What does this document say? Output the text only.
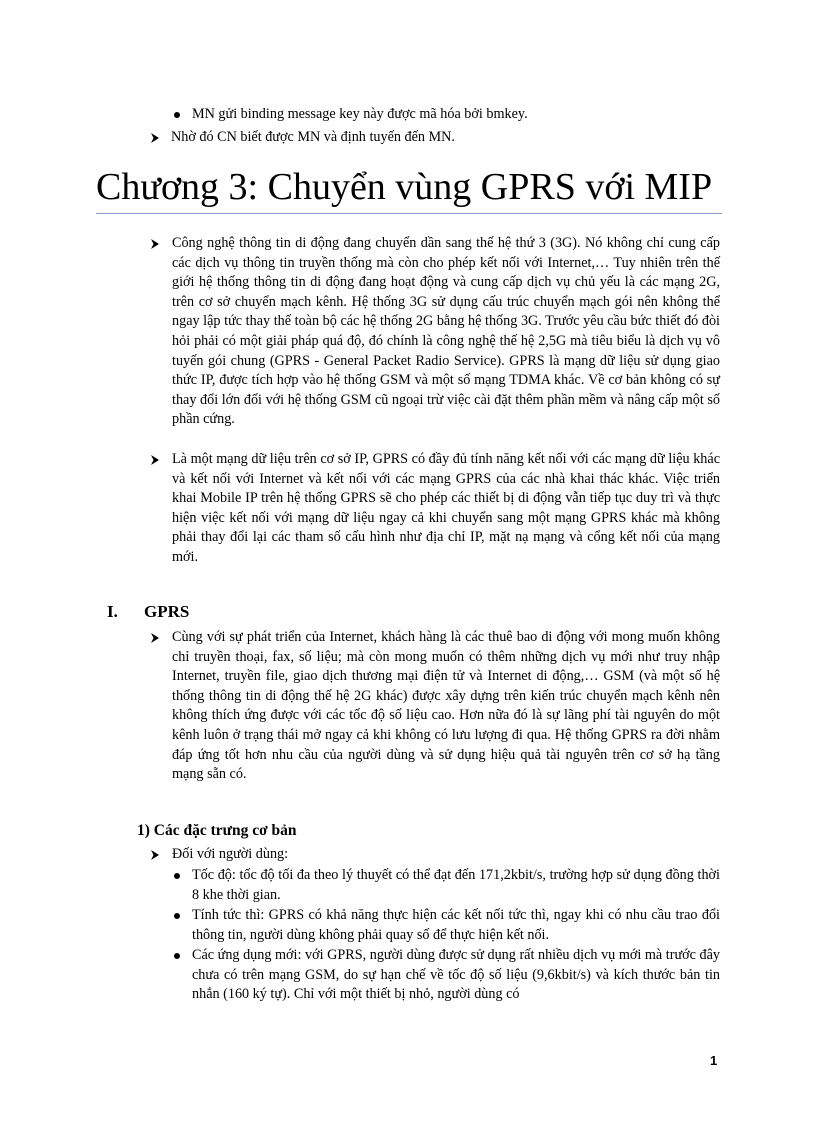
MN gửi binding message key này được mã hóa bởi bmkey.
Nhờ đó CN biết được MN và định tuyến đến MN.
Chương 3: Chuyển vùng GPRS với MIP
Công nghệ thông tin di động đang chuyển dần sang thế hệ thứ 3 (3G). Nó không chỉ cung cấp các dịch vụ thông tin truyền thống mà còn cho phép kết nối với Internet,… Tuy nhiên trên thế giới hệ thống thông tin di động đang hoạt động và cung cấp dịch vụ chủ yếu là các mạng 2G, trên cơ sở chuyển mạch kênh. Hệ thống 3G sử dụng cấu trúc chuyển mạch gói nên không thể ngay lập tức thay thế toàn bộ các hệ thống 2G bằng hệ thống 3G. Trước yêu cầu bức thiết đó đòi hỏi phải có một giải pháp quá độ, đó chính là công nghệ thế hệ 2,5G mà tiêu biểu là dịch vụ vô tuyến gói chung (GPRS - General Packet Radio Service). GPRS là mạng dữ liệu sử dụng giao thức IP, được tích hợp vào hệ thống GSM và một số mạng TDMA khác. Về cơ bản không có sự thay đổi lớn đối với hệ thống GSM cũ ngoại trừ việc cài đặt thêm phần mềm và nâng cấp một số phần cứng.
Là một mạng dữ liệu trên cơ sở IP, GPRS có đầy đủ tính năng kết nối với các mạng dữ liệu khác và kết nối với Internet và kết nối với các mạng GPRS của các nhà khai thác khác. Việc triển khai Mobile IP trên hệ thống GPRS sẽ cho phép các thiết bị di động vẫn tiếp tục duy trì và thực hiện việc kết nối với mạng dữ liệu ngay cả khi chuyển sang một mạng GPRS khác mà không phải thay đổi lại các tham số cấu hình như địa chỉ IP, mặt nạ mạng và cổng kết nối của mạng mới.
I. GPRS
Cùng với sự phát triển của Internet, khách hàng là các thuê bao di động với mong muốn không chỉ truyền thoại, fax, số liệu; mà còn mong muốn có thêm những dịch vụ mới như truy nhập Internet, truyền file, giao dịch thương mại điện tử và Internet di động,… GSM (và một số hệ thống thông tin di động thế hệ 2G khác) được xây dựng trên kiến trúc chuyển mạch kênh nên không thích ứng được với các tốc độ số liệu cao. Hơn nữa đó là sự lãng phí tài nguyên do một kênh luôn ở trạng thái mở ngay cả khi không có lưu lượng đi qua. Hệ thống GPRS ra đời nhằm đáp ứng tốt hơn nhu cầu của người dùng và sử dụng hiệu quả tài nguyên trên cơ sở hạ tầng mạng sẵn có.
1) Các đặc trưng cơ bản
Đối với người dùng:
Tốc độ: tốc độ tối đa theo lý thuyết có thể đạt đến 171,2kbit/s, trường hợp sử dụng đồng thời 8 khe thời gian.
Tính tức thì: GPRS có khả năng thực hiện các kết nối tức thì, ngay khi có nhu cầu trao đổi thông tin, người dùng không phải quay số để thực hiện kết nối.
Các ứng dụng mới: với GPRS, người dùng được sử dụng rất nhiều dịch vụ mới mà trước đây chưa có trên mạng GSM, do sự hạn chế về tốc độ số liệu (9,6kbit/s) và kích thước bản tin nhắn (160 ký tự). Chỉ với một thiết bị nhỏ, người dùng có
1
